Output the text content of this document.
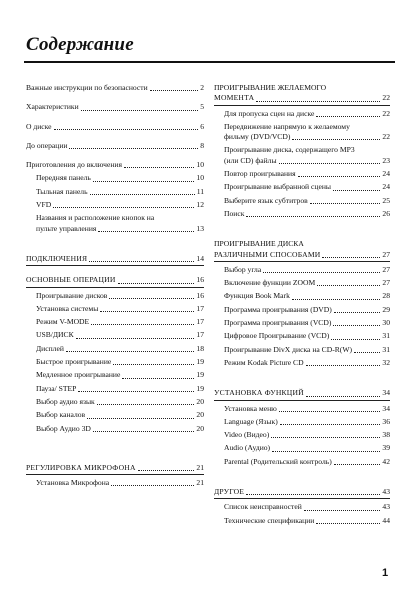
Содержание
Важные инструкции по безопасности	2
Характеристики	5
О диске	6
До операции	8
Приготовления до включения	10
Передняя панель	10
Тыльная панель	11
VFD	12
Названия и расположение кнопок на
пульте управления	13
ПОДКЛЮЧЕНИЯ	14
ОСНОВНЫЕ ОПЕРАЦИИ	16
Проигрывание дисков	16
Установка системы	17
Режим V-MODE	17
USB/ДИСК	17
Дисплей	18
Быстрое проигрывание	19
Медленное проигрывание	19
Пауза/ STEP	19
Выбор аудио язык	20
Выбор каналов	20
Выбор Аудио 3D	20
РЕГУЛИРОВКА МИКРОФОНА	21
Установка Микрофона	21
ПРОИГРЫВАНИЕ ЖЕЛАЕМОГО
МОМЕНТА	22
Для пропуска сцен на диске	22
Передвижение напрямую к желаемому
фильму (DVD/VCD)	22
Проигрывание диска, содержащего MP3
(или CD) файлы	23
Повтор проигрывания	24
Проигрывание выбранной сцены	24
Выберите язык субтитров	25
Поиск	26
ПРОИГРЫВАНИЕ ДИСКА
РАЗЛИЧНЫМИ СПОСОБАМИ	27
Выбор угла	27
Включение функции ZOOM	27
Функция Book Mark	28
Программа проигрывания (DVD)	29
Программа проигрывания (VCD)	30
Цифровое Проигрывание (VCD)	31
Проигрывание DivX диска на CD-R(W)	31
Режим Kodak Picture CD	32
УСТАНОВКА ФУНКЦИЙ	34
Установка меню	34
Language (Язык)	36
Video (Видео)	38
Audio (Аудио)	39
Parental (Родительский контроль)	42
ДРУГОЕ	43
Список неисправностей	43
Технические спецификации	44
1
